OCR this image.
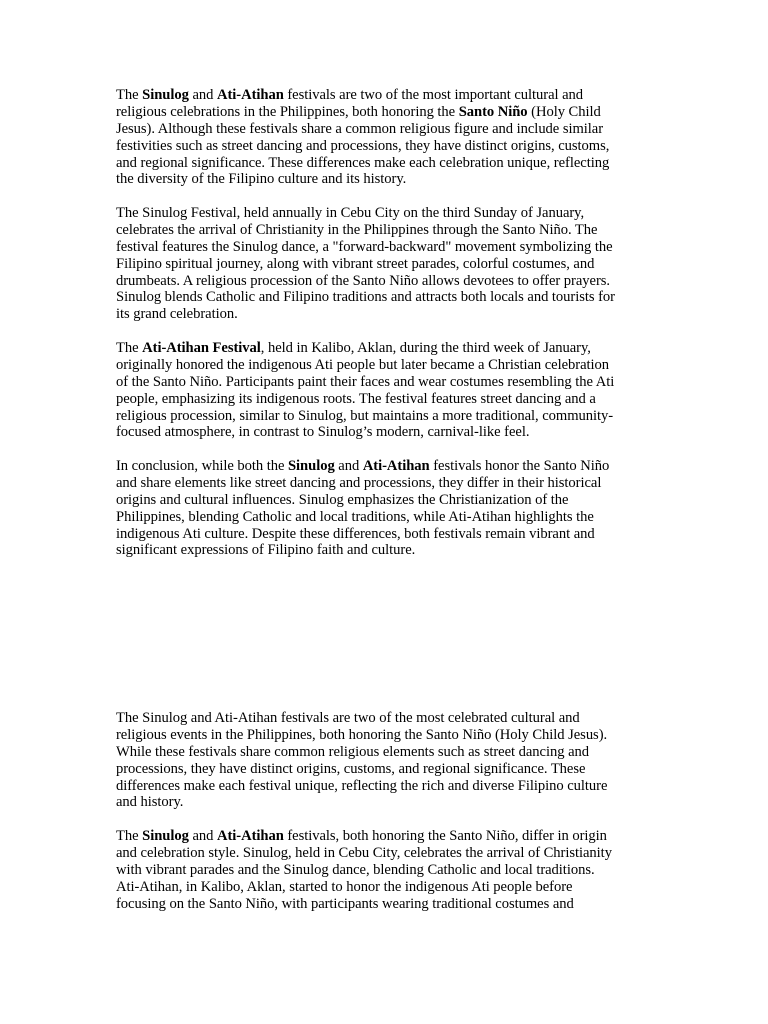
The Sinulog and Ati-Atihan festivals are two of the most important cultural and
religious celebrations in the Philippines, both honoring the Santo Niño (Holy Child
Jesus). Although these festivals share a common religious figure and include similar
festivities such as street dancing and processions, they have distinct origins, customs,
and regional significance. These differences make each celebration unique, reflecting
the diversity of the Filipino culture and its history.

The Sinulog Festival, held annually in Cebu City on the third Sunday of January,
celebrates the arrival of Christianity in the Philippines through the Santo Niño. The
festival features the Sinulog dance, a "forward-backward" movement symbolizing the
Filipino spiritual journey, along with vibrant street parades, colorful costumes, and
drumbeats. A religious procession of the Santo Niño allows devotees to offer prayers.
Sinulog blends Catholic and Filipino traditions and attracts both locals and tourists for
its grand celebration.

The Ati-Atihan Festival, held in Kalibo, Aklan, during the third week of January,
originally honored the indigenous Ati people but later became a Christian celebration
of the Santo Niño. Participants paint their faces and wear costumes resembling the Ati
people, emphasizing its indigenous roots. The festival features street dancing and a
religious procession, similar to Sinulog, but maintains a more traditional, community-
focused atmosphere, in contrast to Sinulog’s modern, carnival-like feel.

In conclusion, while both the Sinulog and Ati-Atihan festivals honor the Santo Niño
and share elements like street dancing and processions, they differ in their historical
origins and cultural influences. Sinulog emphasizes the Christianization of the
Philippines, blending Catholic and local traditions, while Ati-Atihan highlights the
indigenous Ati culture. Despite these differences, both festivals remain vibrant and
significant expressions of Filipino faith and culture.

The Sinulog and Ati-Atihan festivals are two of the most celebrated cultural and
religious events in the Philippines, both honoring the Santo Niño (Holy Child Jesus).
While these festivals share common religious elements such as street dancing and
processions, they have distinct origins, customs, and regional significance. These
differences make each festival unique, reflecting the rich and diverse Filipino culture
and history.

The Sinulog and Ati-Atihan festivals, both honoring the Santo Niño, differ in origin
and celebration style. Sinulog, held in Cebu City, celebrates the arrival of Christianity
with vibrant parades and the Sinulog dance, blending Catholic and local traditions.
Ati-Atihan, in Kalibo, Aklan, started to honor the indigenous Ati people before
focusing on the Santo Niño, with participants wearing traditional costumes and
